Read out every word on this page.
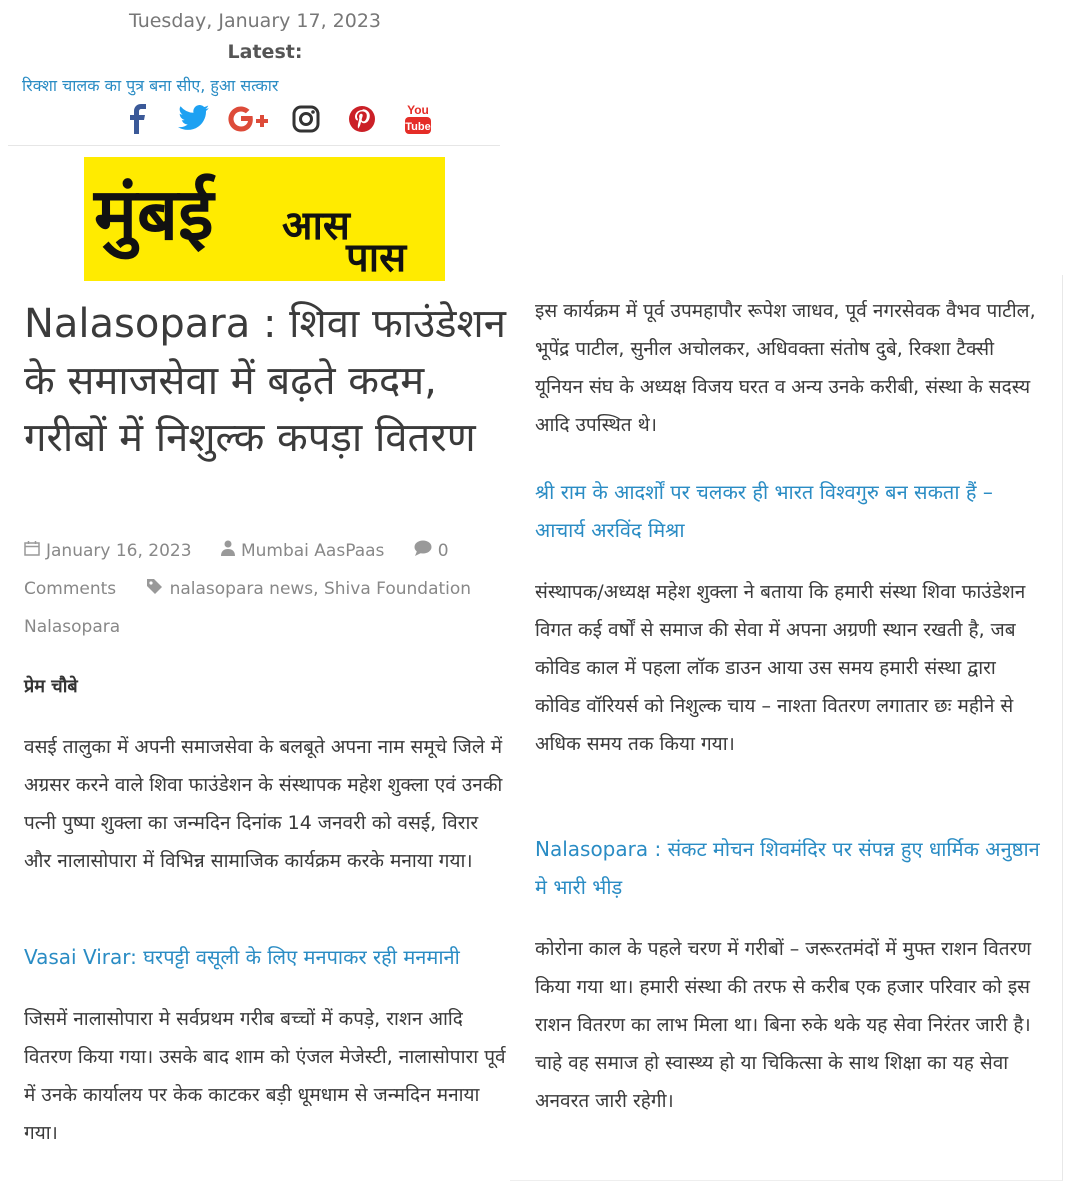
Tuesday, January 17, 2023
Latest:
रिक्शा चालक का पुत्र बना सीए, हुआ सत्कार
You
Tube
मुंबई आस
पास
Nalasopara : शिवा फाउंडेशन के समाजसेवा में बढ़ते कदम, गरीबों में निशुल्क कपड़ा वितरण
January 16, 2023	Mumbai AasPaas	0
Comments	nalasopara news, Shiva Foundation
Nalasopara
प्रेम चौबे

वसई तालुका में अपनी समाजसेवा के बलबूते अपना नाम समूचे जिले में अग्रसर करने वाले शिवा फाउंडेशन के संस्थापक महेश शुक्ला एवं उनकी पत्नी पुष्पा शुक्ला का जन्मदिन दिनांक 14 जनवरी को वसई, विरार और नालासोपारा में विभिन्न सामाजिक कार्यक्रम करके मनाया गया।

Vasai Virar: घरपट्टी वसूली के लिए मनपाकर रही मनमानी

जिसमें नालासोपारा मे सर्वप्रथम गरीब बच्चों में कपड़े, राशन आदि वितरण किया गया। उसके बाद शाम को एंजल मेजेस्टी, नालासोपारा पूर्व में उनके कार्यालय पर केक काटकर बड़ी धूमधाम से जन्मदिन मनाया गया।

इस कार्यक्रम में पूर्व उपमहापौर रूपेश जाधव, पूर्व नगरसेवक वैभव पाटील, भूपेंद्र पाटील, सुनील अचोलकर, अधिवक्ता संतोष दुबे, रिक्शा टैक्सी यूनियन संघ के अध्यक्ष विजय घरत व अन्य उनके करीबी, संस्था के सदस्य आदि उपस्थित थे।

श्री राम के आदर्शों पर चलकर ही भारत विश्वगुरु बन सकता हैं – आचार्य अरविंद मिश्रा

संस्थापक/अध्यक्ष महेश शुक्ला ने बताया कि हमारी संस्था शिवा फाउंडेशन विगत कई वर्षों से समाज की सेवा में अपना अग्रणी स्थान रखती है, जब कोविड काल में पहला लॉक डाउन आया उस समय हमारी संस्था द्वारा कोविड वॉरियर्स को निशुल्क चाय – नाश्ता वितरण लगातार छः महीने से अधिक समय तक किया गया।

Nalasopara : संकट मोचन शिवमंदिर पर संपन्न हुए धार्मिक अनुष्ठान मे भारी भीड़

कोरोना काल के पहले चरण में गरीबों – जरूरतमंदों में मुफ्त राशन वितरण किया गया था। हमारी संस्था की तरफ से करीब एक हजार परिवार को इस राशन वितरण का लाभ मिला था। बिना रुके थके यह सेवा निरंतर जारी है। चाहे वह समाज हो स्वास्थ्य हो या चिकित्सा के साथ शिक्षा का यह सेवा अनवरत जारी रहेगी।
